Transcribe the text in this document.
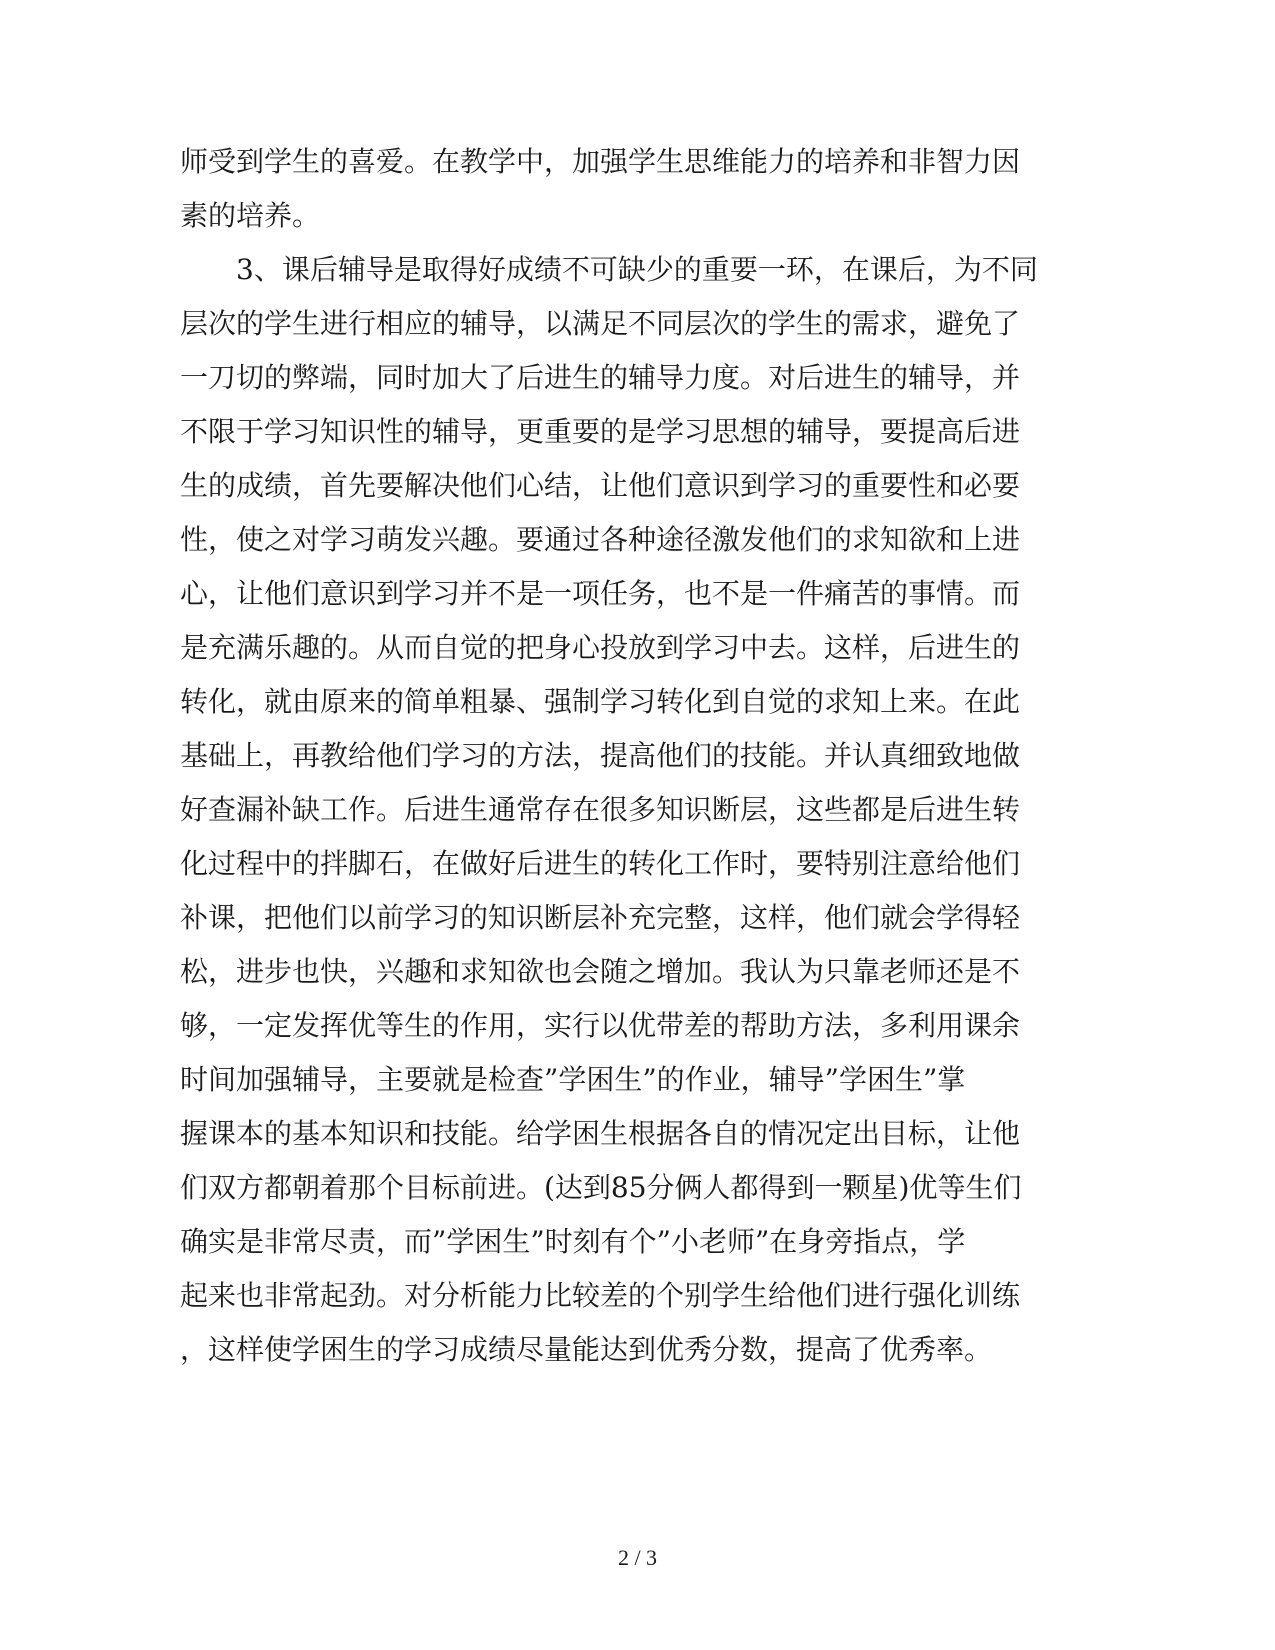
师受到学生的喜爱。在教学中，加强学生思维能力的培养和非智力因
素的培养。
3、课后辅导是取得好成绩不可缺少的重要一环，在课后，为不同
层次的学生进行相应的辅导，以满足不同层次的学生的需求，避免了
一刀切的弊端，同时加大了后进生的辅导力度。对后进生的辅导，并
不限于学习知识性的辅导，更重要的是学习思想的辅导，要提高后进
生的成绩，首先要解决他们心结，让他们意识到学习的重要性和必要
性，使之对学习萌发兴趣。要通过各种途径激发他们的求知欲和上进
心，让他们意识到学习并不是一项任务，也不是一件痛苦的事情。而
是充满乐趣的。从而自觉的把身心投放到学习中去。这样，后进生的
转化，就由原来的简单粗暴、强制学习转化到自觉的求知上来。在此
基础上，再教给他们学习的方法，提高他们的技能。并认真细致地做
好查漏补缺工作。后进生通常存在很多知识断层，这些都是后进生转
化过程中的拌脚石，在做好后进生的转化工作时，要特别注意给他们
补课，把他们以前学习的知识断层补充完整，这样，他们就会学得轻
松，进步也快，兴趣和求知欲也会随之增加。我认为只靠老师还是不
够，一定发挥优等生的作用，实行以优带差的帮助方法，多利用课余
时间加强辅导，主要就是检查”学困生”的作业，辅导”学困生”掌
握课本的基本知识和技能。给学困生根据各自的情况定出目标，让他
们双方都朝着那个目标前进。(达到85分俩人都得到一颗星)优等生们
确实是非常尽责，而”学困生”时刻有个”小老师”在身旁指点，学
起来也非常起劲。对分析能力比较差的个别学生给他们进行强化训练
，这样使学困生的学习成绩尽量能达到优秀分数，提高了优秀率。
2 / 3
